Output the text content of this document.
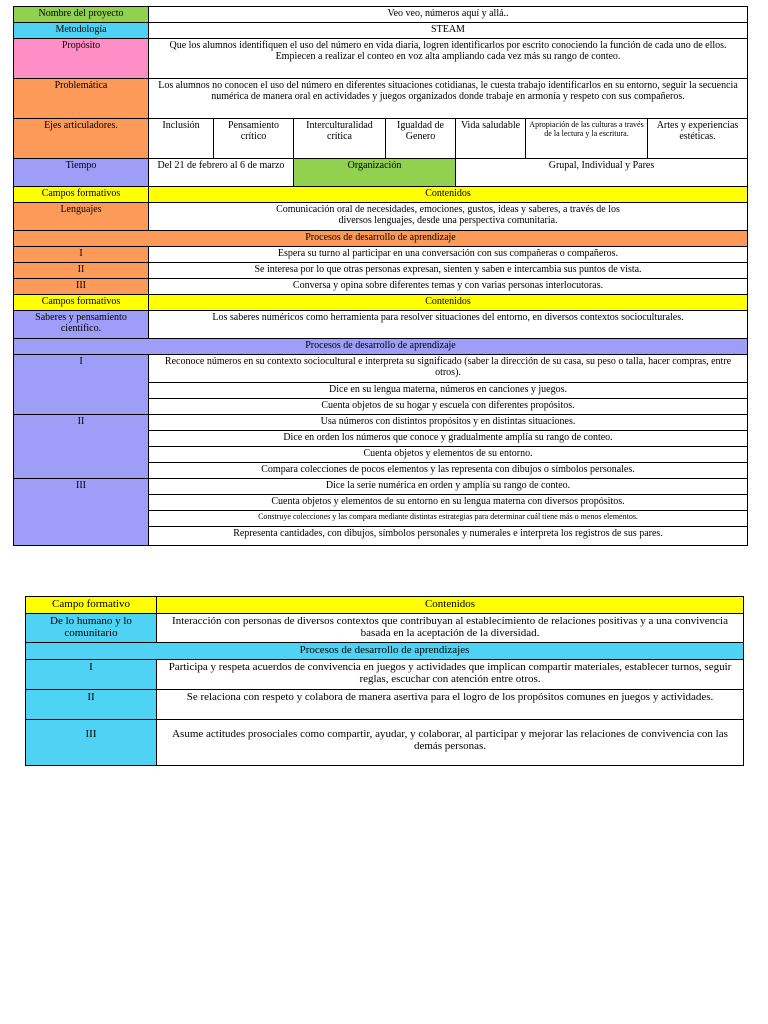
Nombre del proyecto	Veo veo, números aquí y allá..						
Metodología	STEAM						
Propósito	Que los alumnos identifiquen el uso del número en vida diaria, logren identificarlos por escrito conociendo la función de cada uno de ellos. Empiecen a realizar el conteo en voz alta ampliando cada vez más su rango de conteo.						
Problemática	Los alumnos no conocen el uso del número en diferentes situaciones cotidianas, le cuesta trabajo identificarlos en su entorno, seguir la secuencia numérica de manera oral en actividades y juegos organizados donde trabaje en armonía y respeto con sus compañeros.						
Ejes articuladores.	Inclusión	Pensamiento crítico	Interculturalidad crítica	Igualdad de Genero	Vida saludable	Apropiación de las culturas a través de la lectura y la escritura.	Artes y experiencias estéticas.
Tiempo	Del 21 de febrero al 6 de marzo		Organización		Grupal, Individual y Pares		
Campos formativos	Contenidos						
Lenguajes	Comunicación oral de necesidades, emociones, gustos, ideas y saberes, a través de los diversos lenguajes, desde una perspectiva comunitaria.						
Procesos de desarrollo de aprendizaje							
I	Espera su turno al participar en una conversación con sus compañeras o compañeros.						
II	Se interesa por lo que otras personas expresan, sienten y saben e intercambia sus puntos de vista.						
III	Conversa y opina sobre diferentes temas y con varias personas interlocutoras.						
Campos formativos	Contenidos						
Saberes y pensamiento científico.	Los saberes numéricos como herramienta para resolver situaciones del entorno, en diversos contextos socioculturales.						
Procesos de desarrollo de aprendizaje							
I	Reconoce números en su contexto sociocultural e interpreta su significado (saber la dirección de su casa, su peso o talla, hacer compras, entre otros).						
	Dice en su lengua materna, números en canciones y juegos.						
	Cuenta objetos de su hogar y escuela con diferentes propósitos.						
II	Usa números con distintos propósitos y en distintas situaciones.						
	Dice en orden los números que conoce y gradualmente amplía su rango de conteo.						
	Cuenta objetos y elementos de su entorno.						
	Compara colecciones de pocos elementos y las representa con dibujos o símbolos personales.						
III	Dice la serie numérica en orden y amplía su rango de conteo.						
	Cuenta objetos y elementos de su entorno en su lengua materna con diversos propósitos.						
	Construye colecciones y las compara mediante distintas estrategias para determinar cuál tiene más o menos elementos.						
	Representa cantidades, con dibujos, símbolos personales y numerales e interpreta los registros de sus pares.						
Campo formativo	Contenidos
De lo humano y lo comunitario	Interacción con personas de diversos contextos que contribuyan al establecimiento de relaciones positivas y a una convivencia basada en la aceptación de la diversidad.
Procesos de desarrollo de aprendizajes	
I	Participa y respeta acuerdos de convivencia en juegos y actividades que implican compartir materiales, establecer turnos, seguir reglas, escuchar con atención entre otros.
II	Se relaciona con respeto y colabora de manera asertiva para el logro de los propósitos comunes en juegos y actividades.
III	Asume actitudes prosociales como compartir, ayudar, y colaborar, al participar y mejorar las relaciones de convivencia con las demás personas.
